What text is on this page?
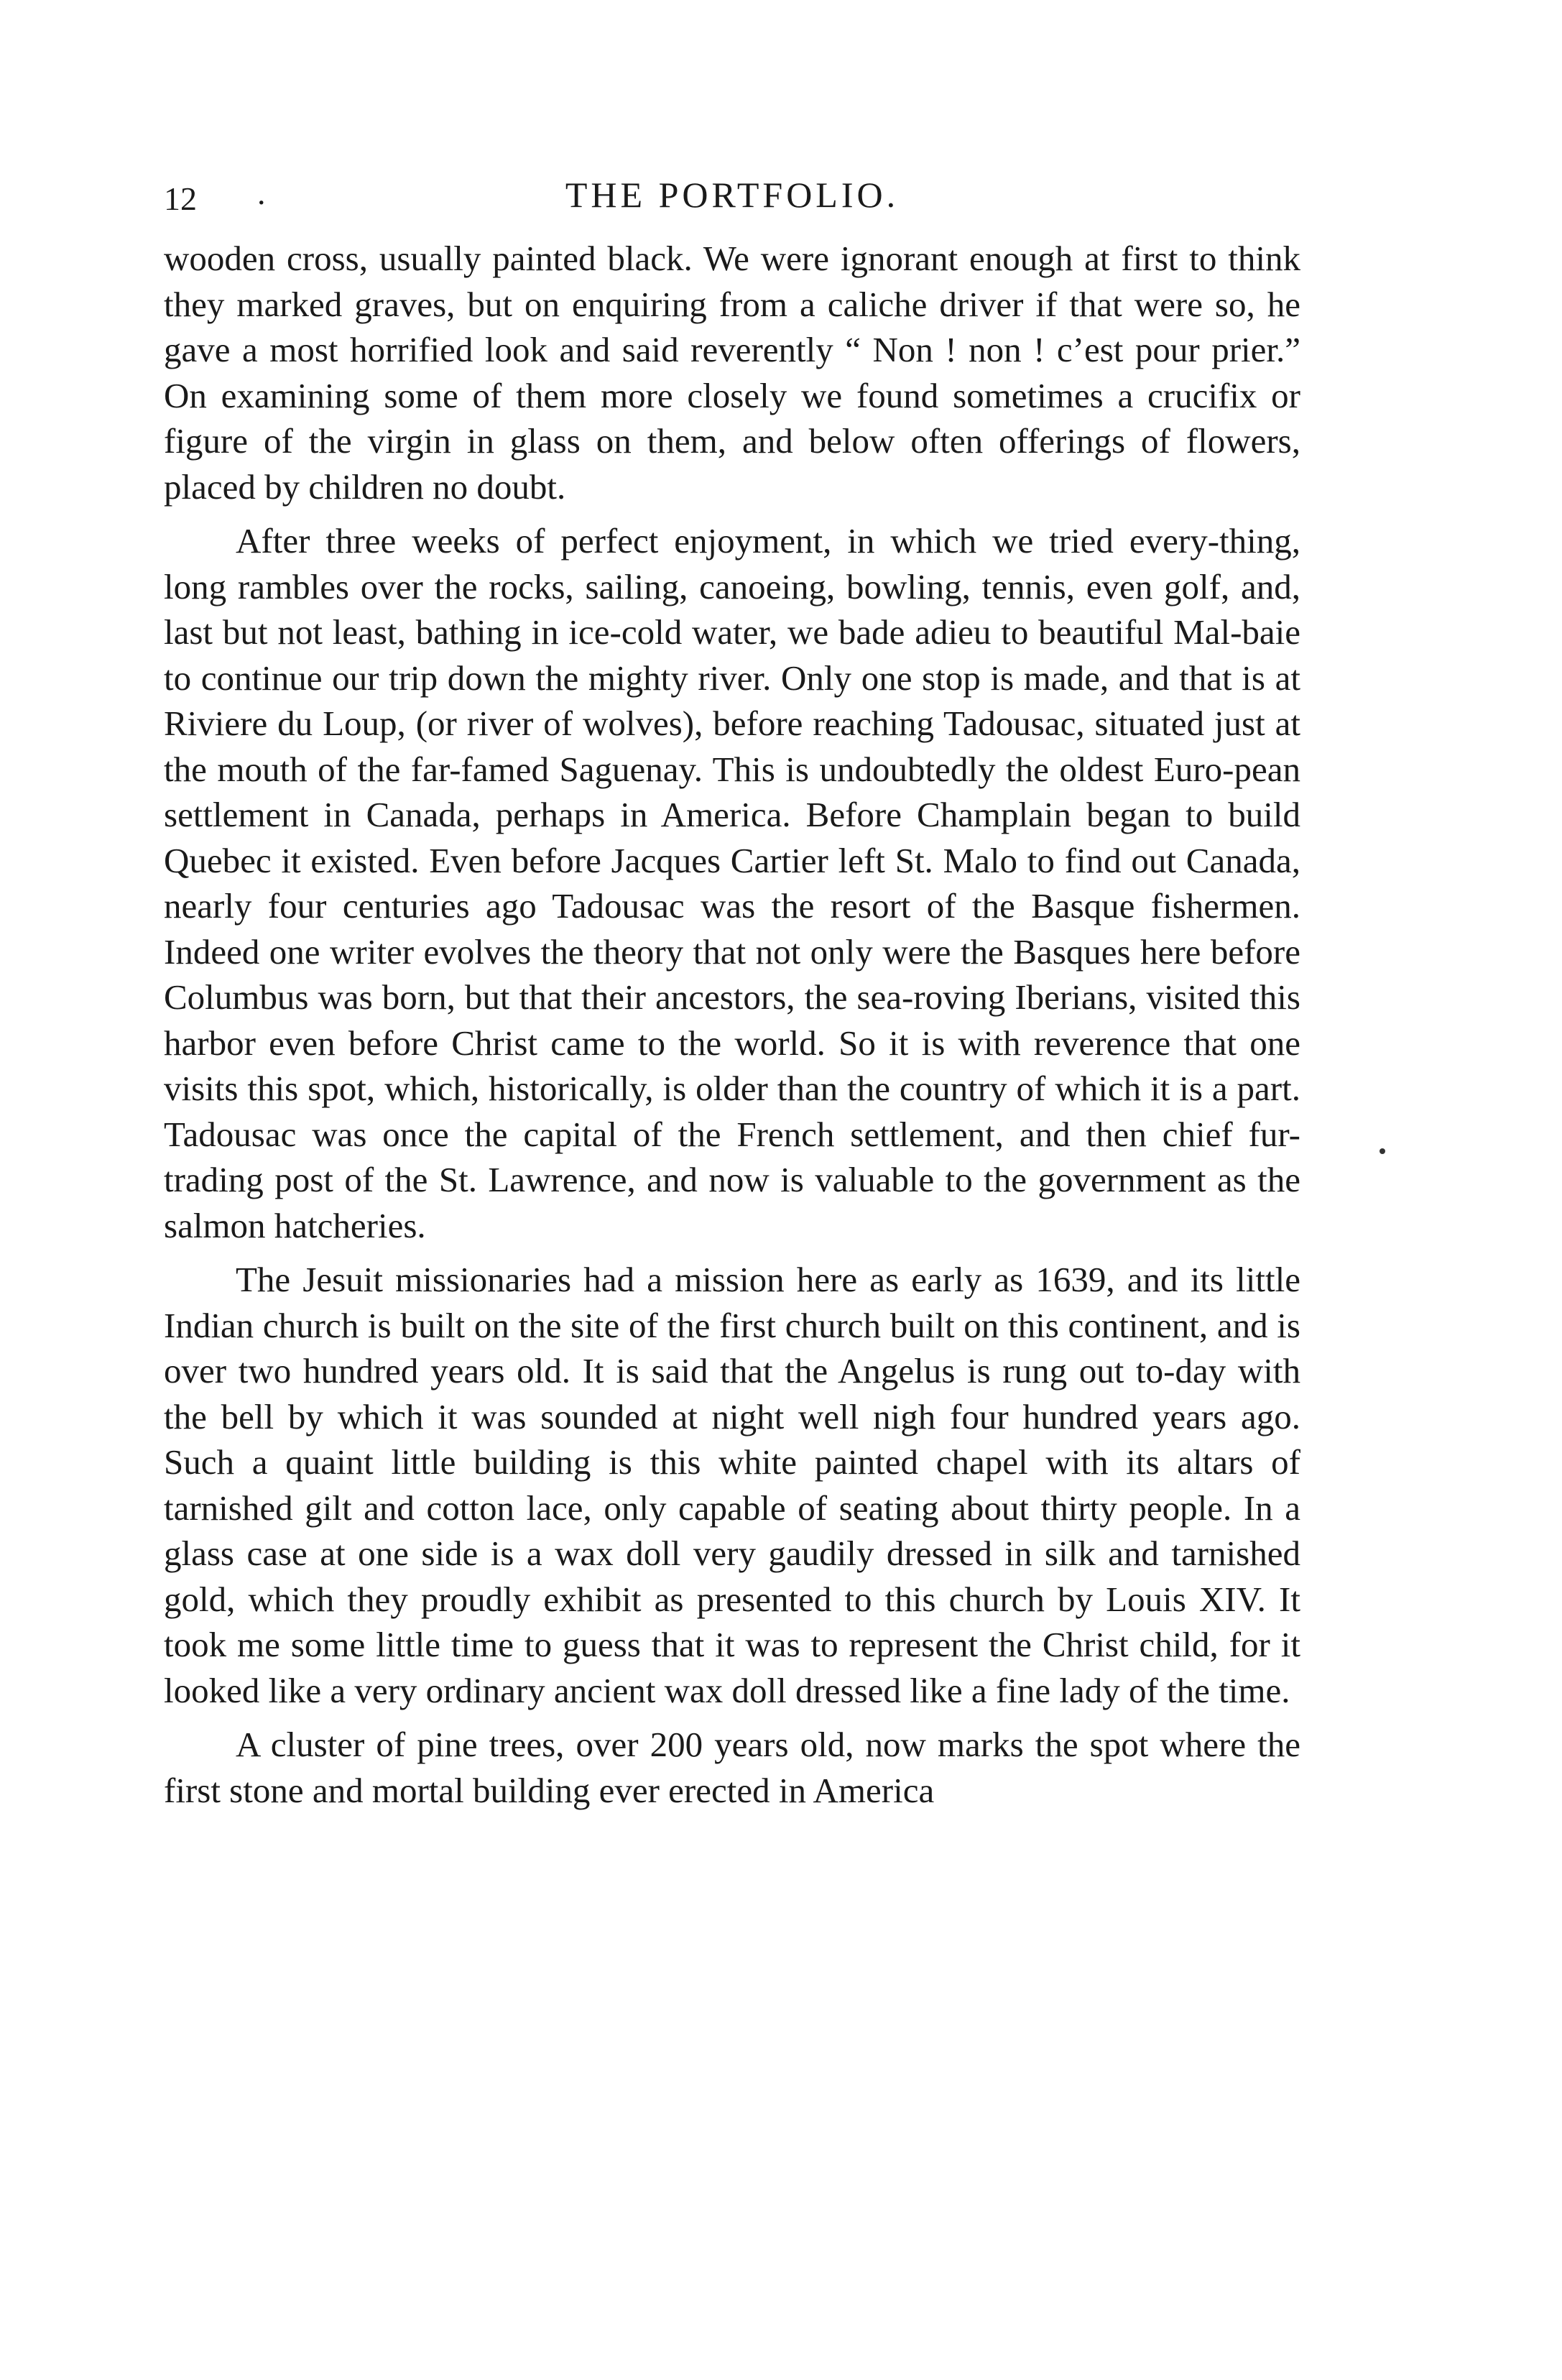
12 .	THE PORTFOLIO.

wooden cross, usually painted black. We were ignorant enough at first to think they marked graves, but on enquiring from a caliche driver if that were so, he gave a most horrified look and said reverently “ Non ! non ! c’est pour prier.” On examining some of them more closely we found sometimes a crucifix or figure of the virgin in glass on them, and below often offerings of flowers, placed by children no doubt.

After three weeks of perfect enjoyment, in which we tried every-thing, long rambles over the rocks, sailing, canoeing, bowling, tennis, even golf, and, last but not least, bathing in ice-cold water, we bade adieu to beautiful Mal-baie to continue our trip down the mighty river. Only one stop is made, and that is at Riviere du Loup, (or river of wolves), before reaching Tadousac, situated just at the mouth of the far-famed Saguenay. This is undoubtedly the oldest Euro-pean settlement in Canada, perhaps in America. Before Champlain began to build Quebec it existed. Even before Jacques Cartier left St. Malo to find out Canada, nearly four centuries ago Tadousac was the resort of the Basque fishermen. Indeed one writer evolves the theory that not only were the Basques here before Columbus was born, but that their ancestors, the sea-roving Iberians, visited this harbor even before Christ came to the world. So it is with reverence that one visits this spot, which, historically, is older than the country of which it is a part. Tadousac was once the capital of the French settlement, and then chief fur-trading post of the St. Lawrence, and now is valuable to the government as the salmon hatcheries.

The Jesuit missionaries had a mission here as early as 1639, and its little Indian church is built on the site of the first church built on this continent, and is over two hundred years old. It is said that the Angelus is rung out to-day with the bell by which it was sounded at night well nigh four hundred years ago. Such a quaint little building is this white painted chapel with its altars of tarnished gilt and cotton lace, only capable of seating about thirty people. In a glass case at one side is a wax doll very gaudily dressed in silk and tarnished gold, which they proudly exhibit as presented to this church by Louis XIV. It took me some little time to guess that it was to represent the Christ child, for it looked like a very ordinary ancient wax doll dressed like a fine lady of the time.

A cluster of pine trees, over 200 years old, now marks the spot where the first stone and mortal building ever erected in America
